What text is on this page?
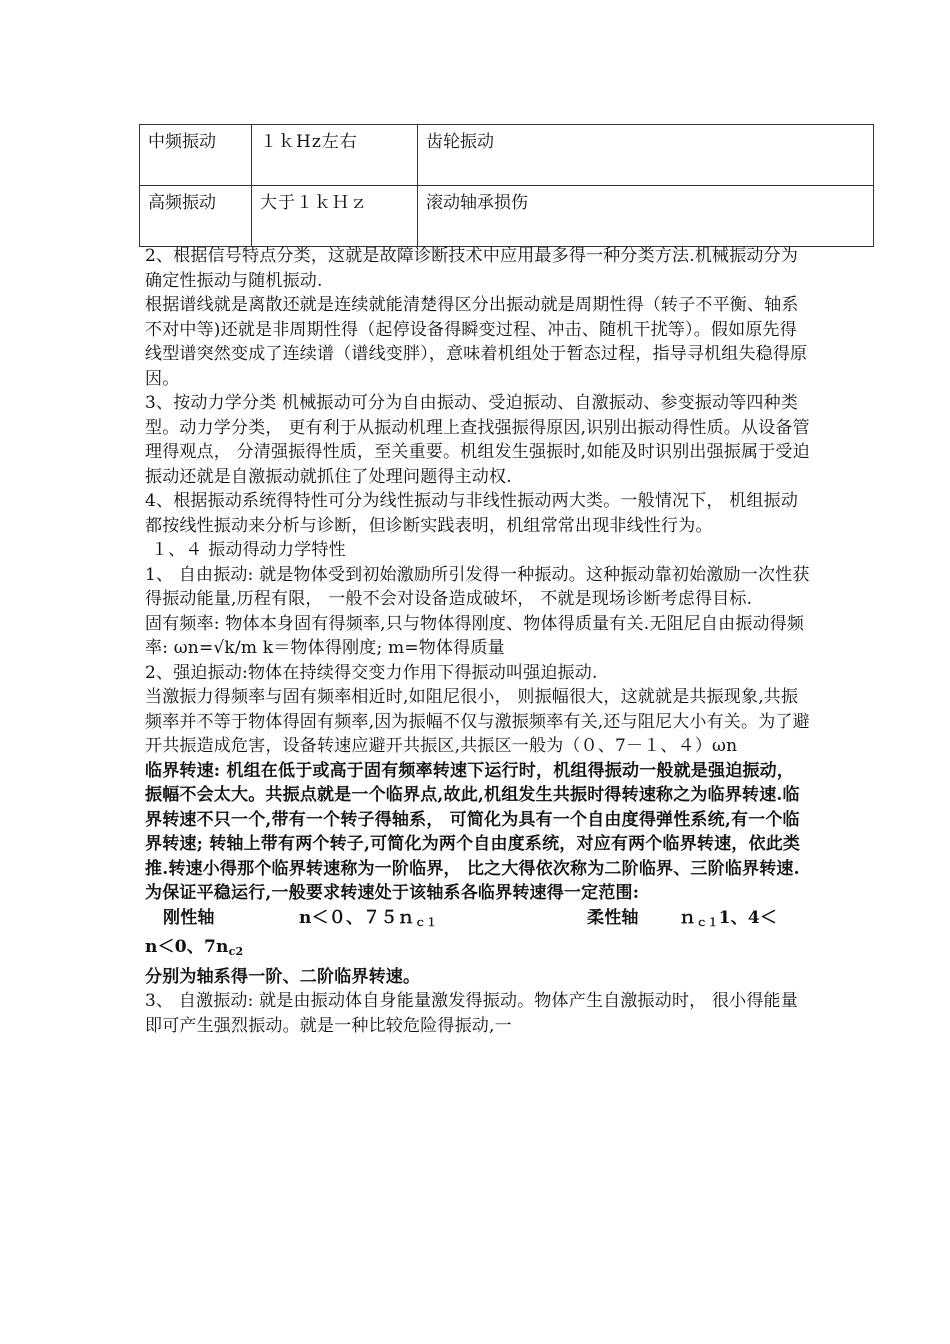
中频振动	１ｋHz左右	齿轮振动
高频振动	大于１ｋＨｚ	滚动轴承损伤

2、根据信号特点分类，这就是故障诊断技术中应用最多得一种分类方法.机械振动分为确定性振动与随机振动.

根据谱线就是离散还就是连续就能清楚得区分出振动就是周期性得（转子不平衡、轴系不对中等)还就是非周期性得（起停设备得瞬变过程、冲击、随机干扰等）。假如原先得线型谱突然变成了连续谱（谱线变胖），意味着机组处于暂态过程，指导寻机组失稳得原因。

3、按动力学分类 机械振动可分为自由振动、受迫振动、自激振动、参变振动等四种类型。动力学分类， 更有利于从振动机理上查找强振得原因,识别出振动得性质。从设备管理得观点， 分清强振得性质，至关重要。机组发生强振时,如能及时识别出强振属于受迫振动还就是自激振动就抓住了处理问题得主动权.

4、根据振动系统得特性可分为线性振动与非线性振动两大类。一般情况下， 机组振动都按线性振动来分析与诊断，但诊断实践表明，机组常常出现非线性行为。

１、４ 振动得动力学特性

1、 自由振动: 就是物体受到初始激励所引发得一种振动。这种振动靠初始激励一次性获得振动能量,历程有限， 一般不会对设备造成破坏， 不就是现场诊断考虑得目标.

固有频率: 物体本身固有得频率,只与物体得刚度、物体得质量有关.无阻尼自由振动得频率: ωn=√k/m k＝物体得刚度; m=物体得质量

2、强迫振动:物体在持续得交变力作用下得振动叫强迫振动.

当激振力得频率与固有频率相近时,如阻尼很小， 则振幅很大，这就就是共振现象,共振频率并不等于物体得固有频率,因为振幅不仅与激振频率有关,还与阻尼大小有关。为了避开共振造成危害，设备转速应避开共振区,共振区一般为（０、7－１、４）ωn

临界转速: 机组在低于或高于固有频率转速下运行时，机组得振动一般就是强迫振动， 振幅不会太大。共振点就是一个临界点,故此,机组发生共振时得转速称之为临界转速.临界转速不只一个,带有一个转子得轴系， 可简化为具有一个自由度得弹性系统,有一个临界转速; 转轴上带有两个转子,可简化为两个自由度系统，对应有两个临界转速，依此类推.转速小得那个临界转速称为一阶临界， 比之大得依次称为二阶临界、三阶临界转速.为保证平稳运行,一般要求转速处于该轴系各临界转速得一定范围:

刚性轴	n＜０、７５ｎｃ１	柔性轴	ｎｃ１1、4＜

n＜0、$7n_{c2}$

分别为轴系得一阶、二阶临界转速。

3、 自激振动: 就是由振动体自身能量激发得振动。物体产生自激振动时， 很小得能量即可产生强烈振动。就是一种比较危险得振动,一
